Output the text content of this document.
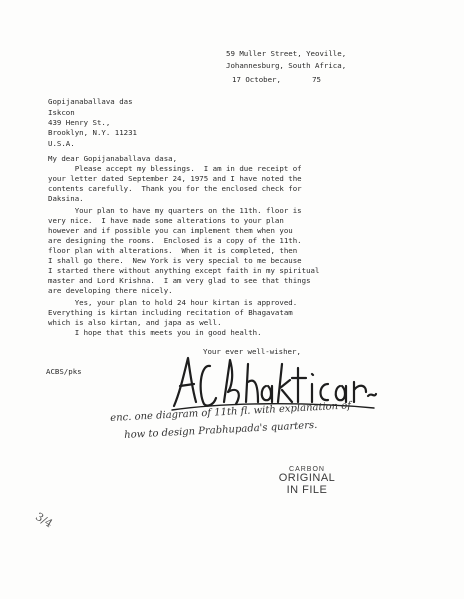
59 Muller Street, Yeoville,
Johannesburg, South Africa,
17 October,       75
Gopijanaballava das
Iskcon
439 Henry St.,
Brooklyn, N.Y. 11231
U.S.A.
My dear Gopijanaballava dasa,
Please accept my blessings.  I am in due receipt of
your letter dated September 24, 1975 and I have noted the
contents carefully.  Thank you for the enclosed check for
Daksina.
Your plan to have my quarters on the 11th. floor is
very nice.  I have made some alterations to your plan
however and if possible you can implement them when you
are designing the rooms.  Enclosed is a copy of the 11th.
floor plan with alterations.  When it is completed, then
I shall go there.  New York is very special to me because
I started there without anything except faith in my spiritual
master and Lord Krishna.  I am very glad to see that things
are developing there nicely.
Yes, your plan to hold 24 hour kirtan is approved.
Everything is kirtan including recitation of Bhagavatam
which is also kirtan, and japa as well.
I hope that this meets you in good health.
Your ever well-wisher,
ACBS/pks
enc. one diagram of 11th fl. with explanation of
how to design Prabhupada's quarters.
CARBON
ORIGINAL
IN FILE
3/4
